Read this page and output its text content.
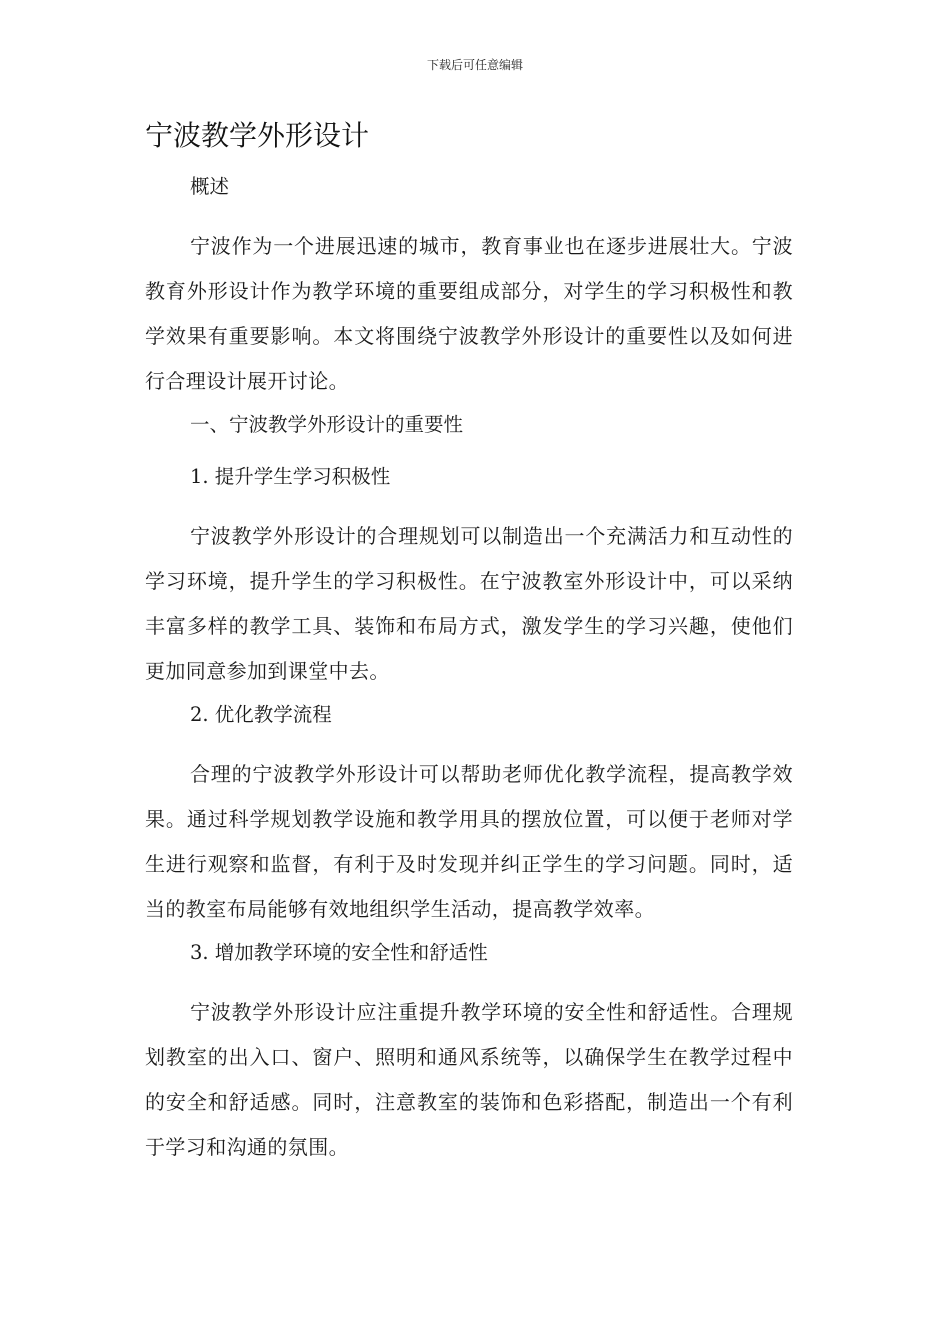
下载后可任意编辑
宁波教学外形设计
概述

宁波作为一个进展迅速的城市，教育事业也在逐步进展壮大。宁波教育外形设计作为教学环境的重要组成部分，对学生的学习积极性和教学效果有重要影响。本文将围绕宁波教学外形设计的重要性以及如何进行合理设计展开讨论。

一、宁波教学外形设计的重要性
1. 提升学生学习积极性

宁波教学外形设计的合理规划可以制造出一个充满活力和互动性的学习环境，提升学生的学习积极性。在宁波教室外形设计中，可以采纳丰富多样的教学工具、装饰和布局方式，激发学生的学习兴趣，使他们更加同意参加到课堂中去。

2. 优化教学流程

合理的宁波教学外形设计可以帮助老师优化教学流程，提高教学效果。通过科学规划教学设施和教学用具的摆放位置，可以便于老师对学生进行观察和监督，有利于及时发现并纠正学生的学习问题。同时，适当的教室布局能够有效地组织学生活动，提高教学效率。

3. 增加教学环境的安全性和舒适性

宁波教学外形设计应注重提升教学环境的安全性和舒适性。合理规划教室的出入口、窗户、照明和通风系统等，以确保学生在教学过程中的安全和舒适感。同时，注意教室的装饰和色彩搭配，制造出一个有利于学习和沟通的氛围。
